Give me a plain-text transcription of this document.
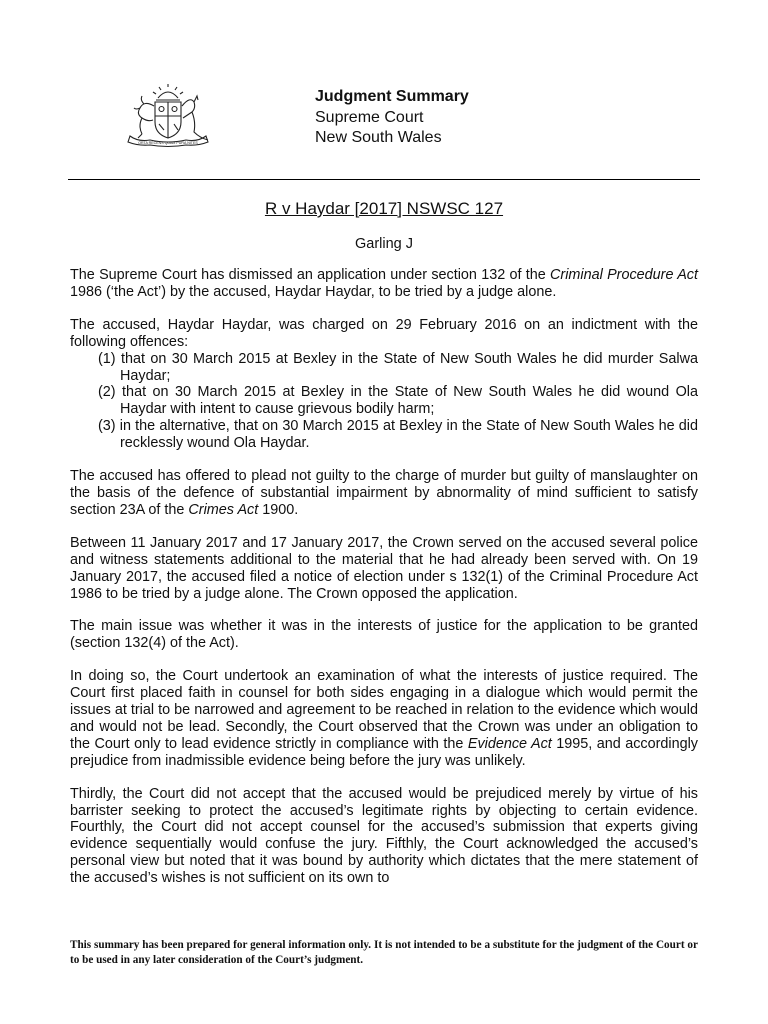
ORTA RECENS QUAM PURA NITES
Judgment Summary
Supreme Court
New South Wales
R v Haydar [2017] NSWSC 127
Garling J

The Supreme Court has dismissed an application under section 132 of the Criminal Procedure Act 1986 (‘the Act’) by the accused, Haydar Haydar, to be tried by a judge alone.

The accused, Haydar Haydar, was charged on 29 February 2016 on an indictment with the following offences:

(1) that on 30 March 2015 at Bexley in the State of New South Wales he did murder Salwa Haydar;
(2) that on 30 March 2015 at Bexley in the State of New South Wales he did wound Ola Haydar with intent to cause grievous bodily harm;
(3) in the alternative, that on 30 March 2015 at Bexley in the State of New South Wales he did recklessly wound Ola Haydar.

The accused has offered to plead not guilty to the charge of murder but guilty of manslaughter on the basis of the defence of substantial impairment by abnormality of mind sufficient to satisfy section 23A of the Crimes Act 1900.

Between 11 January 2017 and 17 January 2017, the Crown served on the accused several police and witness statements additional to the material that he had already been served with. On 19 January 2017, the accused filed a notice of election under s 132(1) of the Criminal Procedure Act 1986 to be tried by a judge alone. The Crown opposed the application.

The main issue was whether it was in the interests of justice for the application to be granted (section 132(4) of the Act).

In doing so, the Court undertook an examination of what the interests of justice required. The Court first placed faith in counsel for both sides engaging in a dialogue which would permit the issues at trial to be narrowed and agreement to be reached in relation to the evidence which would and would not be lead. Secondly, the Court observed that the Crown was under an obligation to the Court only to lead evidence strictly in compliance with the Evidence Act 1995, and accordingly prejudice from inadmissible evidence being before the jury was unlikely.

Thirdly, the Court did not accept that the accused would be prejudiced merely by virtue of his barrister seeking to protect the accused’s legitimate rights by objecting to certain evidence. Fourthly, the Court did not accept counsel for the accused’s submission that experts giving evidence sequentially would confuse the jury. Fifthly, the Court acknowledged the accused’s personal view but noted that it was bound by authority which dictates that the mere statement of the accused’s wishes is not sufficient on its own to

This summary has been prepared for general information only. It is not intended to be a substitute for the judgment of the Court or to be used in any later consideration of the Court’s judgment.
